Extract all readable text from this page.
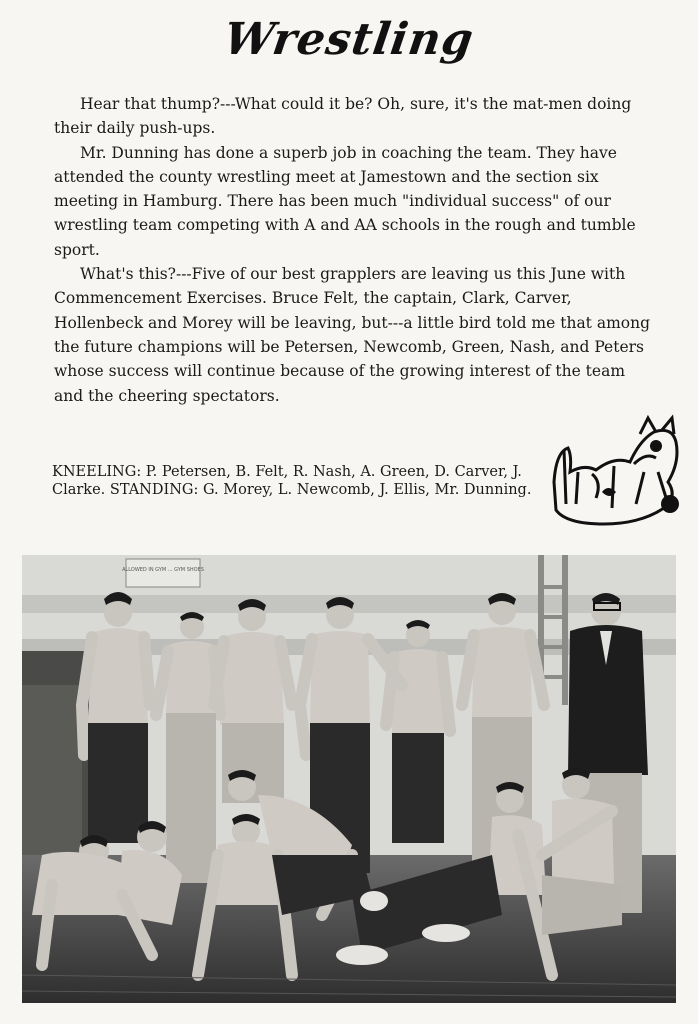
Wrestling

Hear that thump?---What could it be? Oh, sure, it's the mat-men doing their daily push-ups.

Mr. Dunning has done a superb job in coaching the team. They have attended the county wrestling meet at Jamestown and the section six meeting in Hamburg. There has been much "individual success" of our wrestling team competing with A and AA schools in the rough and tumble sport.

What's this?---Five of our best grapplers are leaving us this June with Commencement Exercises. Bruce Felt, the captain, Clark, Carver, Hollenbeck and Morey will be leaving, but---a little bird told me that among the future champions will be Petersen, Newcomb, Green, Nash, and Peters whose success will continue because of the growing interest of the team and the cheering spectators.

KNEELING: P. Petersen, B. Felt, R. Nash, A. Green, D. Carver, J. Clarke. STANDING: G. Morey, L. Newcomb, J. Ellis, Mr. Dunning.
ALLOWED IN GYM ... GYM SHOES
